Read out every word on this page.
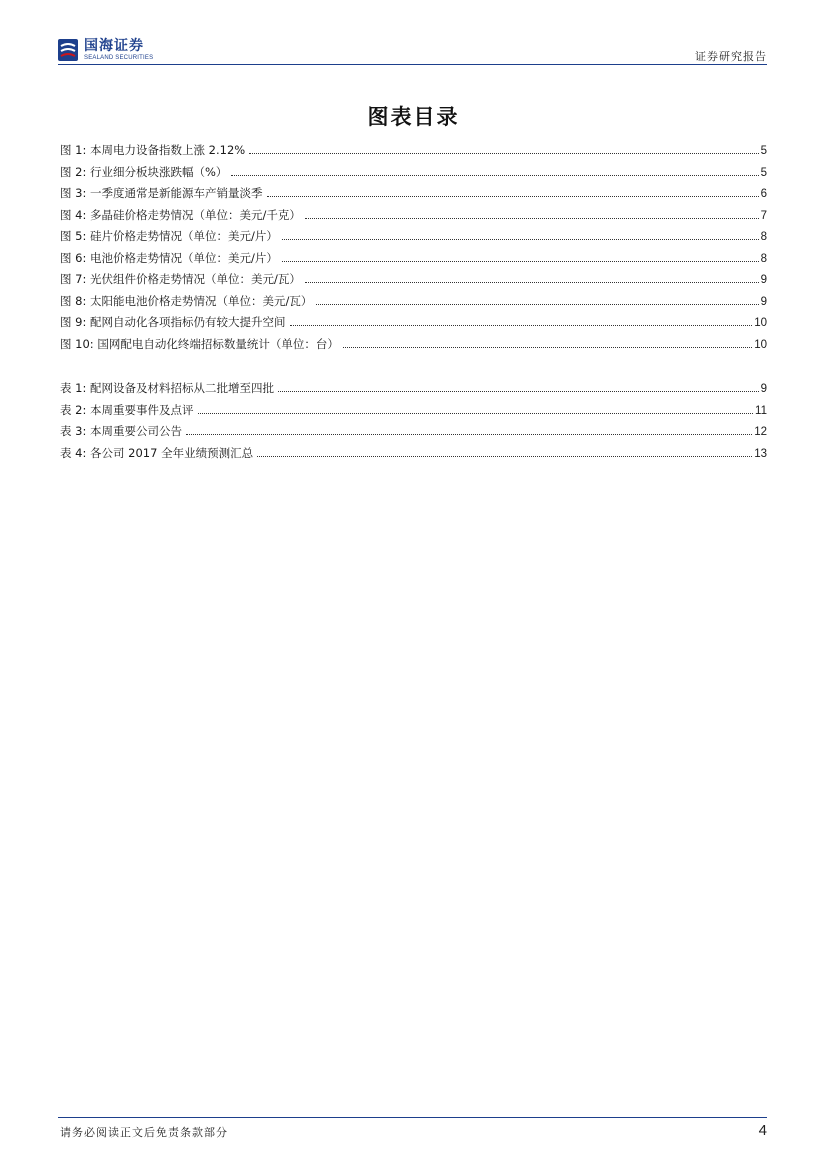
国海证券
SEALAND SECURITIES	证券研究报告
图表目录
图 1: 本周电力设备指数上涨 2.12%	5
图 2: 行业细分板块涨跌幅（%）	5
图 3: 一季度通常是新能源车产销量淡季	6
图 4: 多晶硅价格走势情况（单位：美元/千克）	7
图 5: 硅片价格走势情况（单位：美元/片）	8
图 6: 电池价格走势情况（单位：美元/片）	8
图 7: 光伏组件价格走势情况（单位：美元/瓦）	9
图 8: 太阳能电池价格走势情况（单位：美元/瓦）	9
图 9: 配网自动化各项指标仍有较大提升空间	10
图 10: 国网配电自动化终端招标数量统计（单位：台）	10
表 1: 配网设备及材料招标从二批增至四批	9
表 2: 本周重要事件及点评	11
表 3: 本周重要公司公告	12
表 4: 各公司 2017 全年业绩预测汇总	13
请务必阅读正文后免责条款部分	4
